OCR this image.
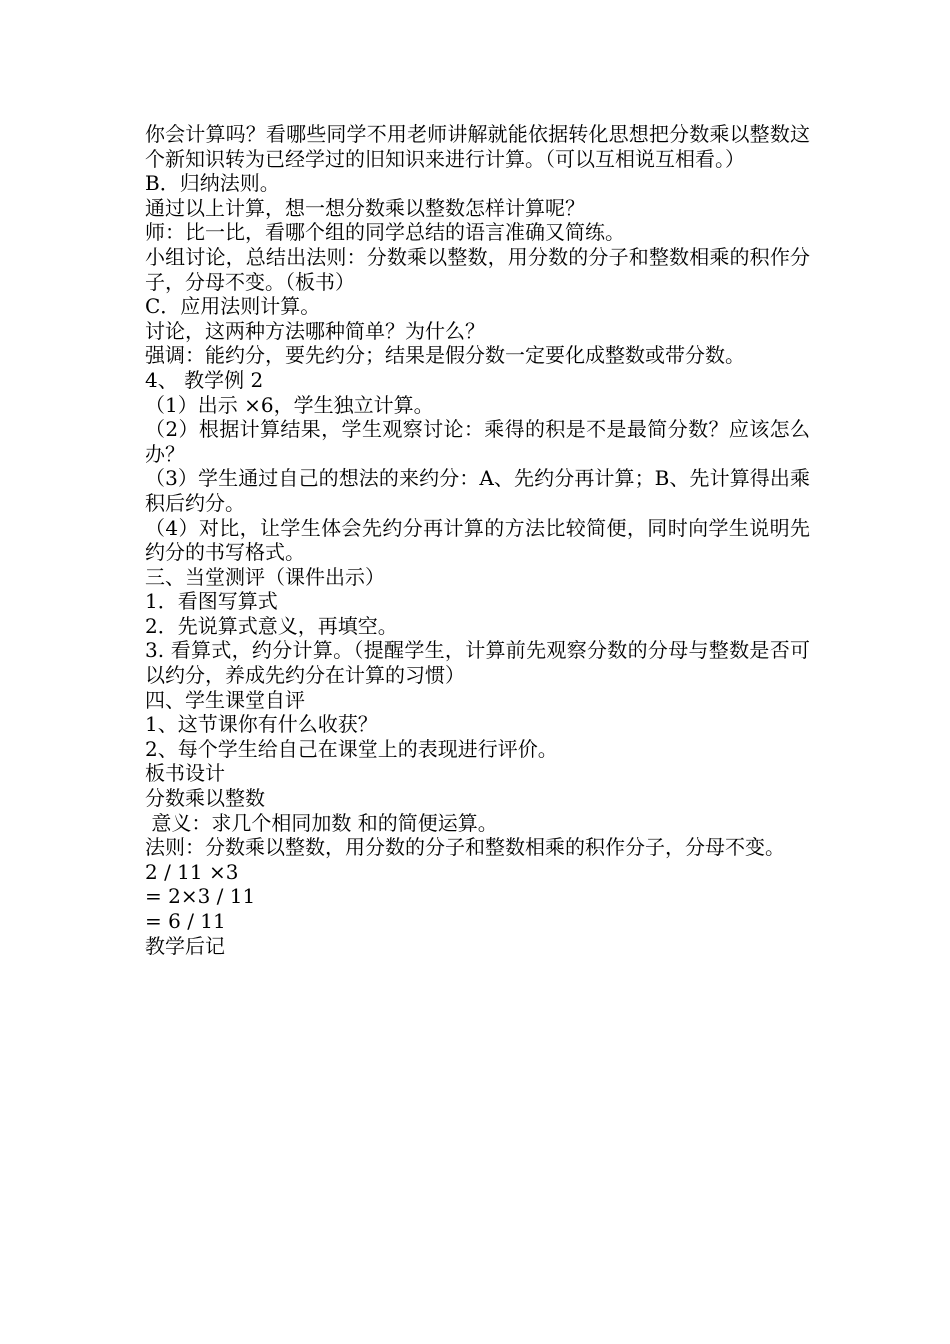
你会计算吗？看哪些同学不用老师讲解就能依据转化思想把分数乘以整数这个新知识转为已经学过的旧知识来进行计算。（可以互相说互相看。）

B．归纳法则。

通过以上计算，想一想分数乘以整数怎样计算呢？

师：比一比，看哪个组的同学总结的语言准确又简练。

小组讨论，总结出法则：分数乘以整数，用分数的分子和整数相乘的积作分子，分母不变。（板书）

C．应用法则计算。

讨论，这两种方法哪种简单？为什么？

强调：能约分，要先约分；结果是假分数一定要化成整数或带分数。

4、 教学例 2

（1）出示 ×6，学生独立计算。

（2）根据计算结果，学生观察讨论：乘得的积是不是最简分数？应该怎么办？

（3）学生通过自己的想法的来约分：A、先约分再计算；B、先计算得出乘积后约分。

（4）对比，让学生体会先约分再计算的方法比较简便，同时向学生说明先约分的书写格式。

三、当堂测评（课件出示）

1．看图写算式

2．先说算式意义，再填空。

3. 看算式，约分计算。（提醒学生，计算前先观察分数的分母与整数是否可以约分，养成先约分在计算的习惯）

四、学生课堂自评

1、这节课你有什么收获？

2、每个学生给自己在课堂上的表现进行评价。

板书设计

分数乘以整数

意义：求几个相同加数 和的简便运算。

法则：分数乘以整数，用分数的分子和整数相乘的积作分子，分母不变。

2 / 11 ×3

= 2×3 / 11

= 6 / 11

教学后记
